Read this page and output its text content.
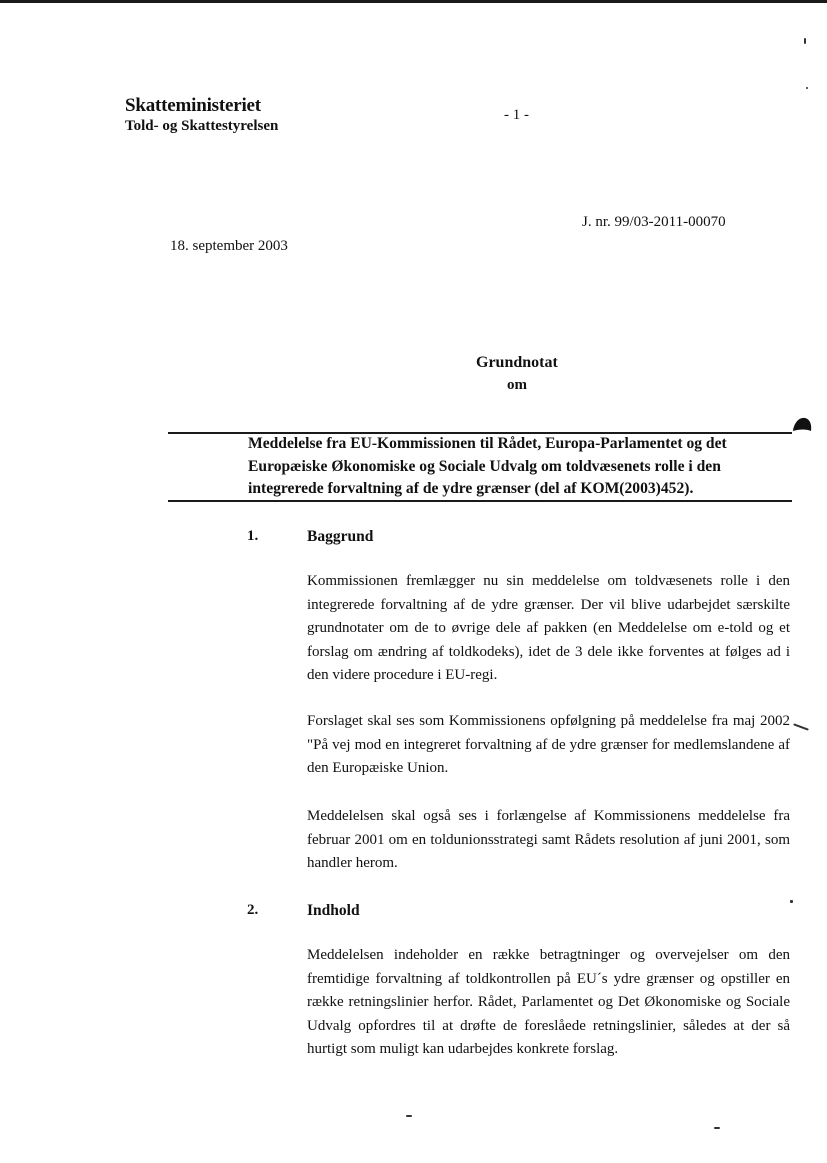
Skatteministeriet
Told- og Skattestyrelsen
- 1 -
J. nr. 99/03-2011-00070
18. september 2003
Grundnotat
om
Meddelelse fra EU-Kommissionen til Rådet, Europa-Parlamentet og det Europæiske Økonomiske og Sociale Udvalg om toldvæsenets rolle i den integrerede forvaltning af de ydre grænser (del af KOM(2003)452).
1.	Baggrund
Kommissionen fremlægger nu sin meddelelse om toldvæsenets rolle i den integrerede forvaltning af de ydre grænser. Der vil blive udarbejdet særskilte grundnotater om de to øvrige dele af pakken (en Meddelelse om e-told og et forslag om ændring af toldkodeks), idet de 3 dele ikke forventes at følges ad i den videre procedure i EU-regi.
Forslaget skal ses som Kommissionens opfølgning på meddelelse fra maj 2002 "På vej mod en integreret forvaltning af de ydre grænser for medlemslandene af den Europæiske Union.
Meddelelsen skal også ses i forlængelse af Kommissionens meddelelse fra februar 2001 om en toldunionsstrategi samt Rådets resolution af juni 2001, som handler herom.
2.	Indhold
Meddelelsen indeholder en række betragtninger og overvejelser om den fremtidige forvaltning af toldkontrollen på EU´s ydre grænser og opstiller en række retningslinier herfor. Rådet, Parlamentet og Det Økonomiske og Sociale Udvalg opfordres til at drøfte de foreslåede retningslinier, således at der så hurtigt som muligt kan udarbejdes konkrete forslag.
